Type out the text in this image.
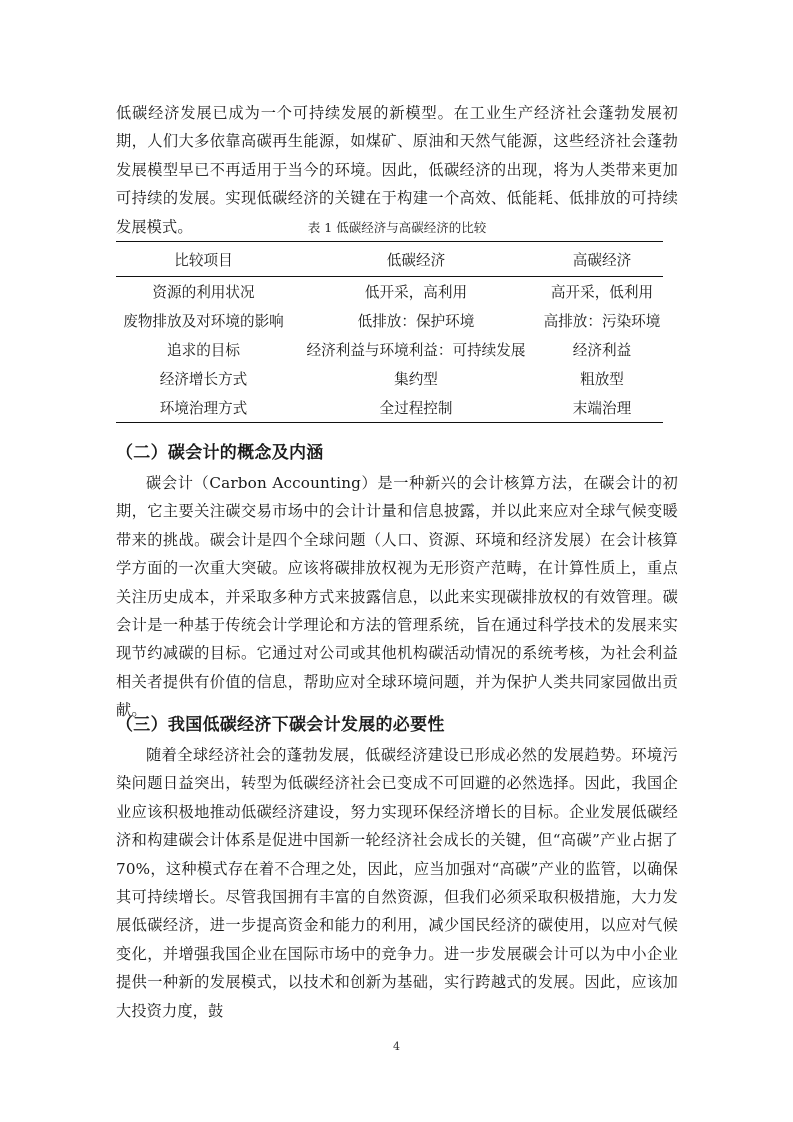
低碳经济发展已成为一个可持续发展的新模型。在工业生产经济社会蓬勃发展初期，人们大多依靠高碳再生能源，如煤矿、原油和天然气能源，这些经济社会蓬勃发展模型早已不再适用于当今的环境。因此，低碳经济的出现，将为人类带来更加可持续的发展。实现低碳经济的关键在于构建一个高效、低能耗、低排放的可持续发展模式。	表 1 低碳经济与高碳经济的比较
比较项目	低碳经济	高碳经济
资源的利用状况	低开采，高利用	高开采，低利用
废物排放及对环境的影响	低排放：保护环境	高排放：污染环境
追求的目标	经济利益与环境利益：可持续发展	经济利益
经济增长方式	集约型	粗放型
环境治理方式	全过程控制	末端治理
（二）碳会计的概念及内涵

碳会计（Carbon Accounting）是一种新兴的会计核算方法，在碳会计的初期，它主要关注碳交易市场中的会计计量和信息披露，并以此来应对全球气候变暖带来的挑战。碳会计是四个全球问题（人口、资源、环境和经济发展）在会计核算学方面的一次重大突破。应该将碳排放权视为无形资产范畴，在计算性质上，重点关注历史成本，并采取多种方式来披露信息，以此来实现碳排放权的有效管理。碳会计是一种基于传统会计学理论和方法的管理系统，旨在通过科学技术的发展来实现节约减碳的目标。它通过对公司或其他机构碳活动情况的系统考核，为社会利益相关者提供有价值的信息，帮助应对全球环境问题，并为保护人类共同家园做出贡献。

（三）我国低碳经济下碳会计发展的必要性

随着全球经济社会的蓬勃发展，低碳经济建设已形成必然的发展趋势。环境污染问题日益突出，转型为低碳经济社会已变成不可回避的必然选择。因此，我国企业应该积极地推动低碳经济建设，努力实现环保经济增长的目标。企业发展低碳经济和构建碳会计体系是促进中国新一轮经济社会成长的关键，但“高碳”产业占据了 70%，这种模式存在着不合理之处，因此，应当加强对“高碳”产业的监管，以确保其可持续增长。尽管我国拥有丰富的自然资源，但我们必须采取积极措施，大力发展低碳经济，进一步提高资金和能力的利用，减少国民经济的碳使用，以应对气候变化，并增强我国企业在国际市场中的竞争力。进一步发展碳会计可以为中小企业提供一种新的发展模式，以技术和创新为基础，实行跨越式的发展。因此，应该加大投资力度，鼓

4
